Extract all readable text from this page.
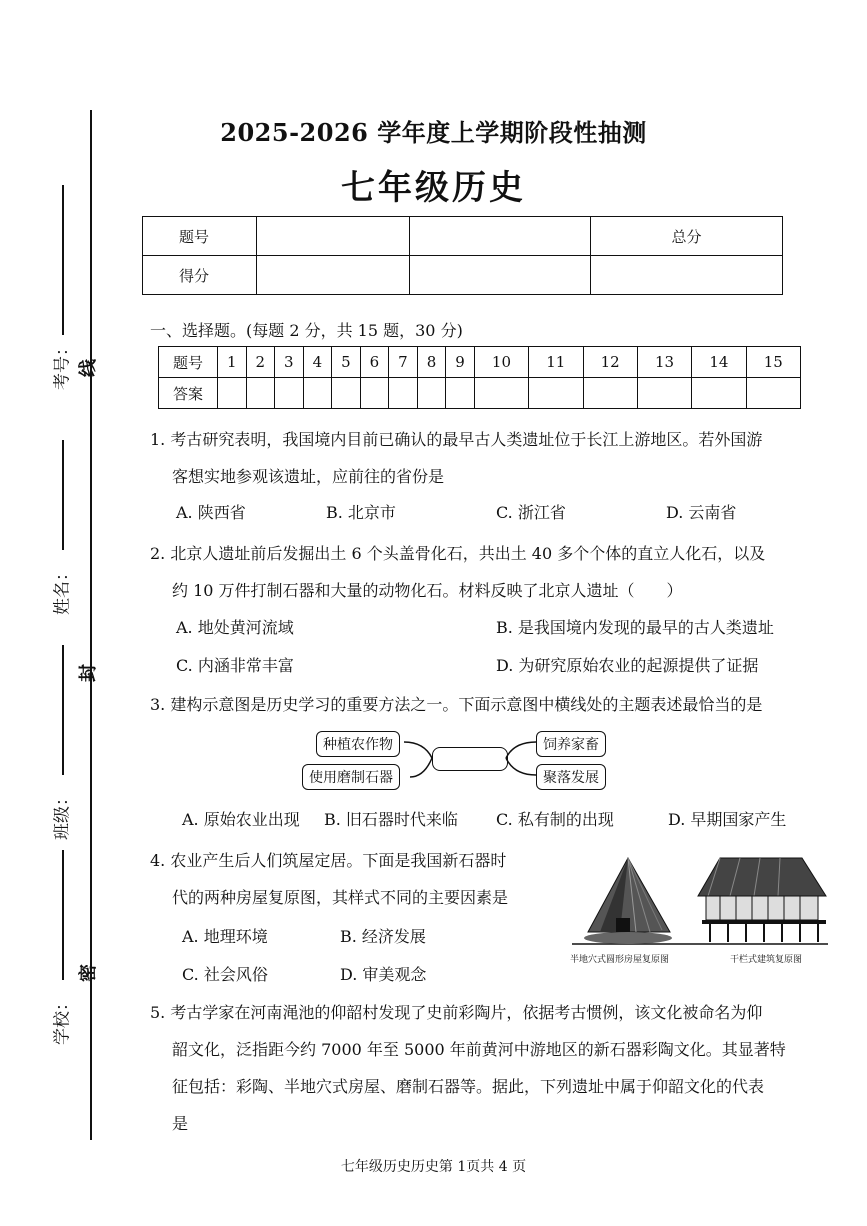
考号：
姓名：
班级：
学校：
线
封
密
2025-2026 学年度上学期阶段性抽测
七年级历史
题号			总分
得分			
一、选择题。(每题 2 分，共 15 题，30 分)
题号	1	2	3	4	5	6	7	8	9	10	11	12	13	14	15
答案															
1. 考古研究表明，我国境内目前已确认的最早古人类遗址位于长江上游地区。若外国游
客想实地参观该遗址，应前往的省份是
A. 陕西省	B. 北京市	C. 浙江省	D. 云南省
2. 北京人遗址前后发掘出土 6 个头盖骨化石，共出土 40 多个个体的直立人化石，以及
约 10 万件打制石器和大量的动物化石。材料反映了北京人遗址（　　）
A. 地处黄河流域	B. 是我国境内发现的最早的古人类遗址
C. 内涵非常丰富	D. 为研究原始农业的起源提供了证据
3. 建构示意图是历史学习的重要方法之一。下面示意图中横线处的主题表述最恰当的是
种植农作物
使用磨制石器
饲养家畜
聚落发展
A. 原始农业出现 B. 旧石器时代来临 C. 私有制的出现	D. 早期国家产生
4. 农业产生后人们筑屋定居。下面是我国新石器时
代的两种房屋复原图，其样式不同的主要因素是
A. 地理环境	B. 经济发展
C. 社会风俗	D. 审美观念
半地穴式圆形房屋复原图	干栏式建筑复原图
5. 考古学家在河南渑池的仰韶村发现了史前彩陶片，依据考古惯例，该文化被命名为仰
韶文化，泛指距今约 7000 年至 5000 年前黄河中游地区的新石器彩陶文化。其显著特
征包括：彩陶、半地穴式房屋、磨制石器等。据此，下列遗址中属于仰韶文化的代表
是
七年级历史历史第 1页共 4 页
